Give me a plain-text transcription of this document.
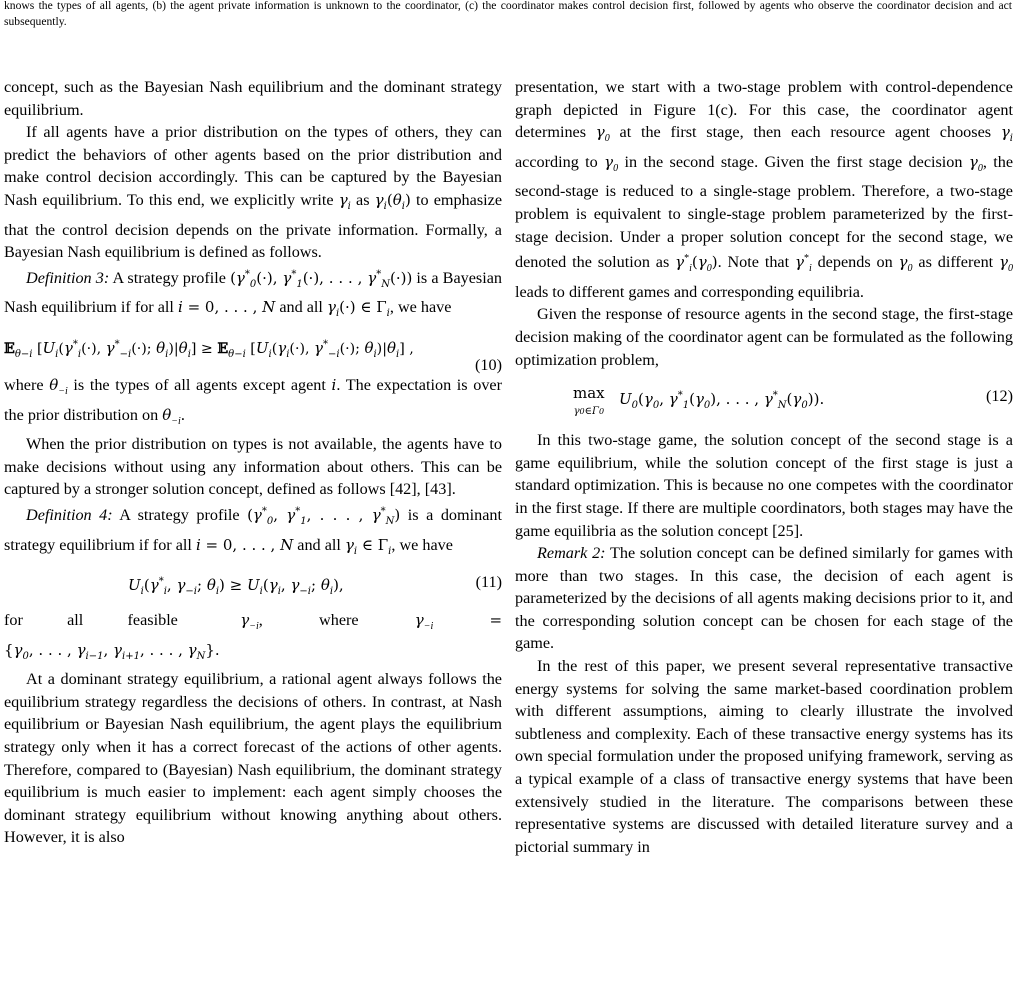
knows the types of all agents, (b) the agent private information is unknown to the coordinator, (c) the coordinator makes control decision first, followed by agents who observe the coordinator decision and act subsequently.

concept, such as the Bayesian Nash equilibrium and the dominant strategy equilibrium.

If all agents have a prior distribution on the types of others, they can predict the behaviors of other agents based on the prior distribution and make control decision accordingly. This can be captured by the Bayesian Nash equilibrium. To this end, we explicitly write $\gamma_i$ as $\gamma_i(\theta_i)$ to emphasize that the control decision depends on the private information. Formally, a Bayesian Nash equilibrium is defined as follows.

Definition 3: A strategy profile ($\gamma^*_0(\cdot)$, $\gamma^*_1(\cdot)$, . . . , $\gamma^*_N(\cdot)$) is a Bayesian Nash equilibrium if for all i = 0, . . . , N and all $\gamma_i(\cdot)$ ∈ $\Gamma_i$, we have

𝔼$_{\theta-i}$ [$U_i(\gamma^*_i(\cdot)$, $\gamma^*_{-i}(\cdot)$; $\theta_i)|\theta_i$] ≥ 𝔼$_{\theta-i}$ [$U_i(\gamma_i(\cdot)$, $\gamma^*_{-i}(\cdot)$; $\theta_i)|\theta_i$] ,
(10)

where $\theta_{-i}$ is the types of all agents except agent i. The expectation is over the prior distribution on $\theta_{-i}$.

When the prior distribution on types is not available, the agents have to make decisions without using any information about others. This can be captured by a stronger solution concept, defined as follows [42], [43].

Definition 4: A strategy profile ($\gamma^*_0$, $\gamma^*_1$, . . . , $\gamma^*_N$) is a dominant strategy equilibrium if for all i = 0, . . . , N and all $\gamma_i$ ∈ $\Gamma_i$, we have

$U_i(\gamma^*_i$, $\gamma_{-i}$; $\theta_i) \ge U_i(\gamma_i$, $\gamma_{-i}$; $\theta_i$),	(11)

for all feasible	$\gamma_{-i}$,         where	$\gamma_{-i}$	=

{$\gamma_0$, . . . , $\gamma_{i-1}$, $\gamma_{i+1}$, . . . , $\gamma_N$}.

At a dominant strategy equilibrium, a rational agent always follows the equilibrium strategy regardless the decisions of others. In contrast, at Nash equilibrium or Bayesian Nash equilibrium, the agent plays the equilibrium strategy only when it has a correct forecast of the actions of other agents. Therefore, compared to (Bayesian) Nash equilibrium, the dominant strategy equilibrium is much easier to implement: each agent simply chooses the dominant strategy equilibrium without knowing anything about others. However, it is also

presentation, we start with a two-stage problem with control-dependence graph depicted in Figure 1(c). For this case, the coordinator agent determines $\gamma_0$ at the first stage, then each resource agent chooses $\gamma_i$ according to $\gamma_0$ in the second stage. Given the first stage decision $\gamma_0$, the second-stage is reduced to a single-stage problem. Therefore, a two-stage problem is equivalent to single-stage problem parameterized by the first-stage decision. Under a proper solution concept for the second stage, we denoted the solution as $\gamma^*_i(\gamma_0)$. Note that $\gamma^*_i$ depends on $\gamma_0$ as different $\gamma_0$ leads to different games and corresponding equilibria.

Given the response of resource agents in the second stage, the first-stage decision making of the coordinator agent can be formulated as the following optimization problem,

max
γ0∈Γ0   $U_0(\gamma_0$, $\gamma^*_1(\gamma_0)$, . . . , $\gamma^*_N(\gamma_0)$).	(12)

In this two-stage game, the solution concept of the second stage is a game equilibrium, while the solution concept of the first stage is just a standard optimization. This is because no one competes with the coordinator in the first stage. If there are multiple coordinators, both stages may have the game equilibria as the solution concept [25].

Remark 2: The solution concept can be defined similarly for games with more than two stages. In this case, the decision of each agent is parameterized by the decisions of all agents making decisions prior to it, and the corresponding solution concept can be chosen for each stage of the game.

In the rest of this paper, we present several representative transactive energy systems for solving the same market-based coordination problem with different assumptions, aiming to clearly illustrate the involved subtleness and complexity. Each of these transactive energy systems has its own special formulation under the proposed unifying framework, serving as a typical example of a class of transactive energy systems that have been extensively studied in the literature. The comparisons between these representative systems are discussed with detailed literature survey and a pictorial summary in
